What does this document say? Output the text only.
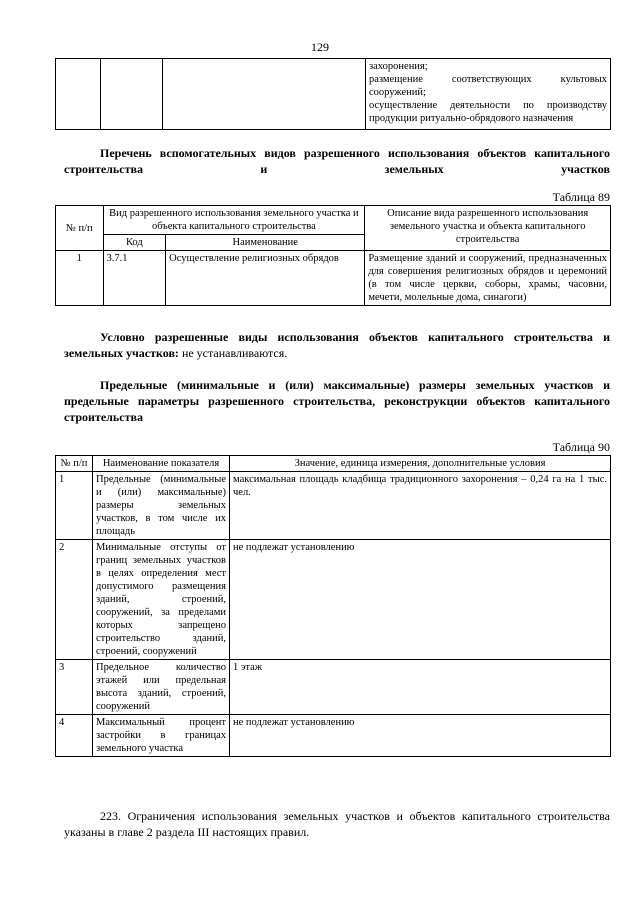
129

захоронения;
размещение соответствующих культовых сооружений;
осуществление деятельности по производству продукции ритуально-обрядового назначения
Перечень вспомогательных видов разрешенного использования объектов капитального строительства и земельных участков
Таблица 89
№ п/п	Вид разрешенного использования земельного участка и объекта капитального строительства		Описание вида разрешенного использования земельного участка и объекта капитального строительства
	Код	Наименование	
1	3.7.1	Осуществление религиозных обрядов	Размещение зданий и сооружений, предназначенных для совершения религиозных обрядов и церемоний (в том числе церкви, соборы, храмы, часовни, мечети, молельные дома, синагоги)
Условно разрешенные виды использования объектов капитального строительства и земельных участков: не устанавливаются.
Предельные (минимальные и (или) максимальные) размеры земельных участков и предельные параметры разрешенного строительства, реконструкции объектов капитального строительства
Таблица 90
№ п/п	Наименование показателя	Значение, единица измерения, дополнительные условия
1	Предельные (минимальные и (или) максимальные) размеры земельных участков, в том числе их площадь	максимальная площадь кладбища традиционного захоронения – 0,24 га на 1 тыс. чел.
2	Минимальные отступы от границ земельных участков в целях определения мест допустимого размещения зданий, строений, сооружений, за пределами которых запрещено строительство зданий, строений, сооружений	не подлежат установлению
3	Предельное количество этажей или предельная высота зданий, строений, сооружений	1 этаж
4	Максимальный процент застройки в границах земельного участка	не подлежат установлению
223. Ограничения использования земельных участков и объектов капитального строительства указаны в главе 2 раздела III настоящих правил.
